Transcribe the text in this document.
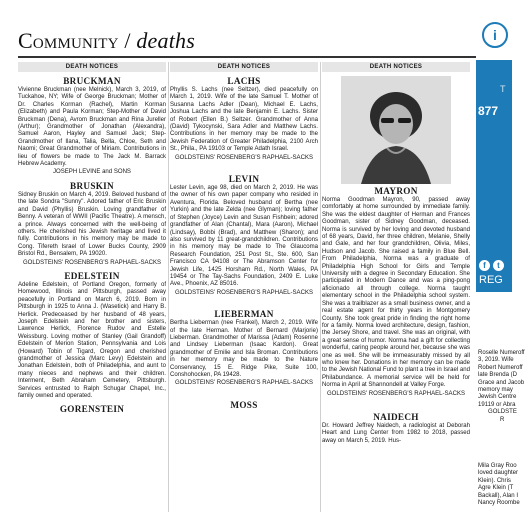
Community / deaths
DEATH NOTICES
BRUCKMAN

Vivienne Bruckman (nee Melnick), March 3, 2019, of Tuckahoe, NY; Wife of George Bruckman; Mother of Dr. Charles Korman (Rachel), Martin Korman (Elizabeth) and Paula Korman; Step-Mother of David Bruckman (Dena), Avrom Bruckman and Rina Jureller (Arthur); Grandmother of Jonathan (Alexandra), Samuel Aaron, Hayley and Samuel Jack; Step-Grandmother of Ilana, Talia, Bella, Chloe, Seth and Naomi; Great Grandmother of Miriam. Contributions in lieu of flowers be made to The Jack M. Barrack Hebrew Academy.

JOSEPH LEVINE and SONS

BRUSKIN

Sidney Bruskin on March 4, 2019. Beloved husband of the late Sondra "Sunny". Adored father of Eric Bruskin and David (Phyllis) Bruskin. Loving grandfather of Benny. A veteran of WWII (Pacific Theatre). A mensch, a prince. Always concerned with the well-being of others. He cherished his Jewish heritage and lived it fully. Contributions in his memory may be made to Cong. Tifereth Israel of Lower Bucks County, 2909 Bristol Rd., Bensalem, PA 19020.

GOLDSTEINS' ROSENBERG'S RAPHAEL-SACKS

EDELSTEIN

Adeline Edelstein, of Portland Oregon, formerly of Homewood, Illinois and Pittsburgh, passed away peacefully in Portland on March 6, 2019. Born in Pittsburgh in 1925 to Anna J. (Wasetick) and Harry B. Herlick. Predeceased by her husband of 48 years, Joseph Edelstein and her brother and sisters, Lawrence Herlick, Florence Rudov and Estelle Weissburg. Loving mother of Stanley (Gail Grandoff) Edelstein of Merion Station, Pennsylvania and Lois (Howard) Tobin of Tigard, Oregon and cherished grandmother of Jessica (Marc Levy) Edelstein and Jonathan Edelstein, both of Philadelphia, and aunt to many nieces and nephews and their children. Interment, Beth Abraham Cemetery, Pittsburgh. Services entrusted to Ralph Schugar Chapel, Inc., family owned and operated.

GORENSTEIN
DEATH NOTICES
LACHS

Phyllis S. Lachs (nee Seltzer), died peacefully on March 1, 2019. Wife of the late Samuel T. Mother of Susanna Lachs Adler (Dean), Michael E. Lachs, Joshua Lachs and the late Benjamin E. Lachs. Sister of Robert (Ellen B.) Seltzer. Grandmother of Anna (David) Tykocynski, Sara Adler and Matthew Lachs. Contributions in her memory may be made to the Jewish Federation of Greater Philadelphia, 2100 Arch St., Phila., PA 19103 or Temple Adath Israel.

GOLDSTEINS' ROSENBERG'S RAPHAEL-SACKS

LEVIN

Lester Levin, age 98, died on March 2, 2019. He was the owner of his own paper company who resided in Aventura, Florida. Beloved husband of Bertha (nee Yurkin) and the late Zelda (nee Glyman); loving father of Stephen (Joyce) Levin and Susan Fishbein; adored grandfather of Alan (Chantal), Mara (Aaron), Michael (Lindsay), Bobbi (Brad), and Matthew (Sharon); and also survived by 11 great-grandchildren. Contributions in his memory may be made to The Glaucoma Research Foundation, 251 Post St., Ste. 600, San Francisco CA 94108 or The Abramson Center for Jewish Life, 1425 Horsham Rd., North Wales, PA 19454 or The Tay-Sachs Foundation, 2409 E. Luke Ave., Phoenix, AZ 85016.

GOLDSTEINS' ROSENBERG'S RAPHAEL-SACKS

LIEBERMAN

Bertha Lieberman (nee Frankel), March 2, 2019. Wife of the late Herman. Mother of Bernard (Marjorie) Lieberman. Grandmother of Marissa (Adam) Rosenne and Lindsey Lieberman (Isaac Kardon). Great grandmother of Emilie and Isla Broman. Contributions in her memory may be made to the Nature Conservancy, 15 E. Ridge Pike, Suite 100, Conshohocken, PA 19428.

GOLDSTEINS' ROSENBERG'S RAPHAEL-SACKS

MOSS
DEATH NOTICES
MAYRON

Norma Goodman Mayron, 90, passed away comfortably at home surrounded by immediate family. She was the eldest daughter of Herman and Frances Goodman, sister of Sidney Goodman, deceased. Norma is survived by her loving and devoted husband of 68 years, David, her three children, Melanie, Shelly and Gale, and her four grandchildren, Olivia, Miles, Hudson and Jacob. She raised a family in Blue Bell. From Philadelphia, Norma was a graduate of Philadelphia High School for Girls and Temple University with a degree in Secondary Education. She participated in Modern Dance and was a ping-pong aficionado all through college. Norma taught elementary school in the Philadelphia school system. She was a trailblazer as a small business owner, and a real estate agent for thirty years in Montgomery County. She took great pride in finding the right home for a family. Norma loved architecture, design, fashion, the Jersey Shore, and travel. She was an original, with a great sense of humor. Norma had a gift for collecting wonderful, caring people around her, because she was one as well. She will be immeasurably missed by all who knew her. Donations in her memory can be made to the Jewish National Fund to plant a tree in Israel and Philabundance. A memorial service will be held for Norma in April at Shannondell at Valley Forge.

GOLDSTEINS' ROSENBERG'S RAPHAEL-SACKS

NAIDECH

Dr. Howard Jeffrey Naidech, a radiologist at Deborah Heart and Lung Center from 1982 to 2018, passed away on March 5, 2019. Hus-

i
T
877
f	t
REG
Roselle Numeroff
3, 2019. Wife
Robert Numeroff
late Brenda (D
Grace and Jacob
memory may
Jewish Centre
19119 or Abra
GOLDSTE
R
Mila Gray Roo
loved daughter
Klein). Chris
Agre Klein (T
Backall), Alan I
Nancy Roombe
